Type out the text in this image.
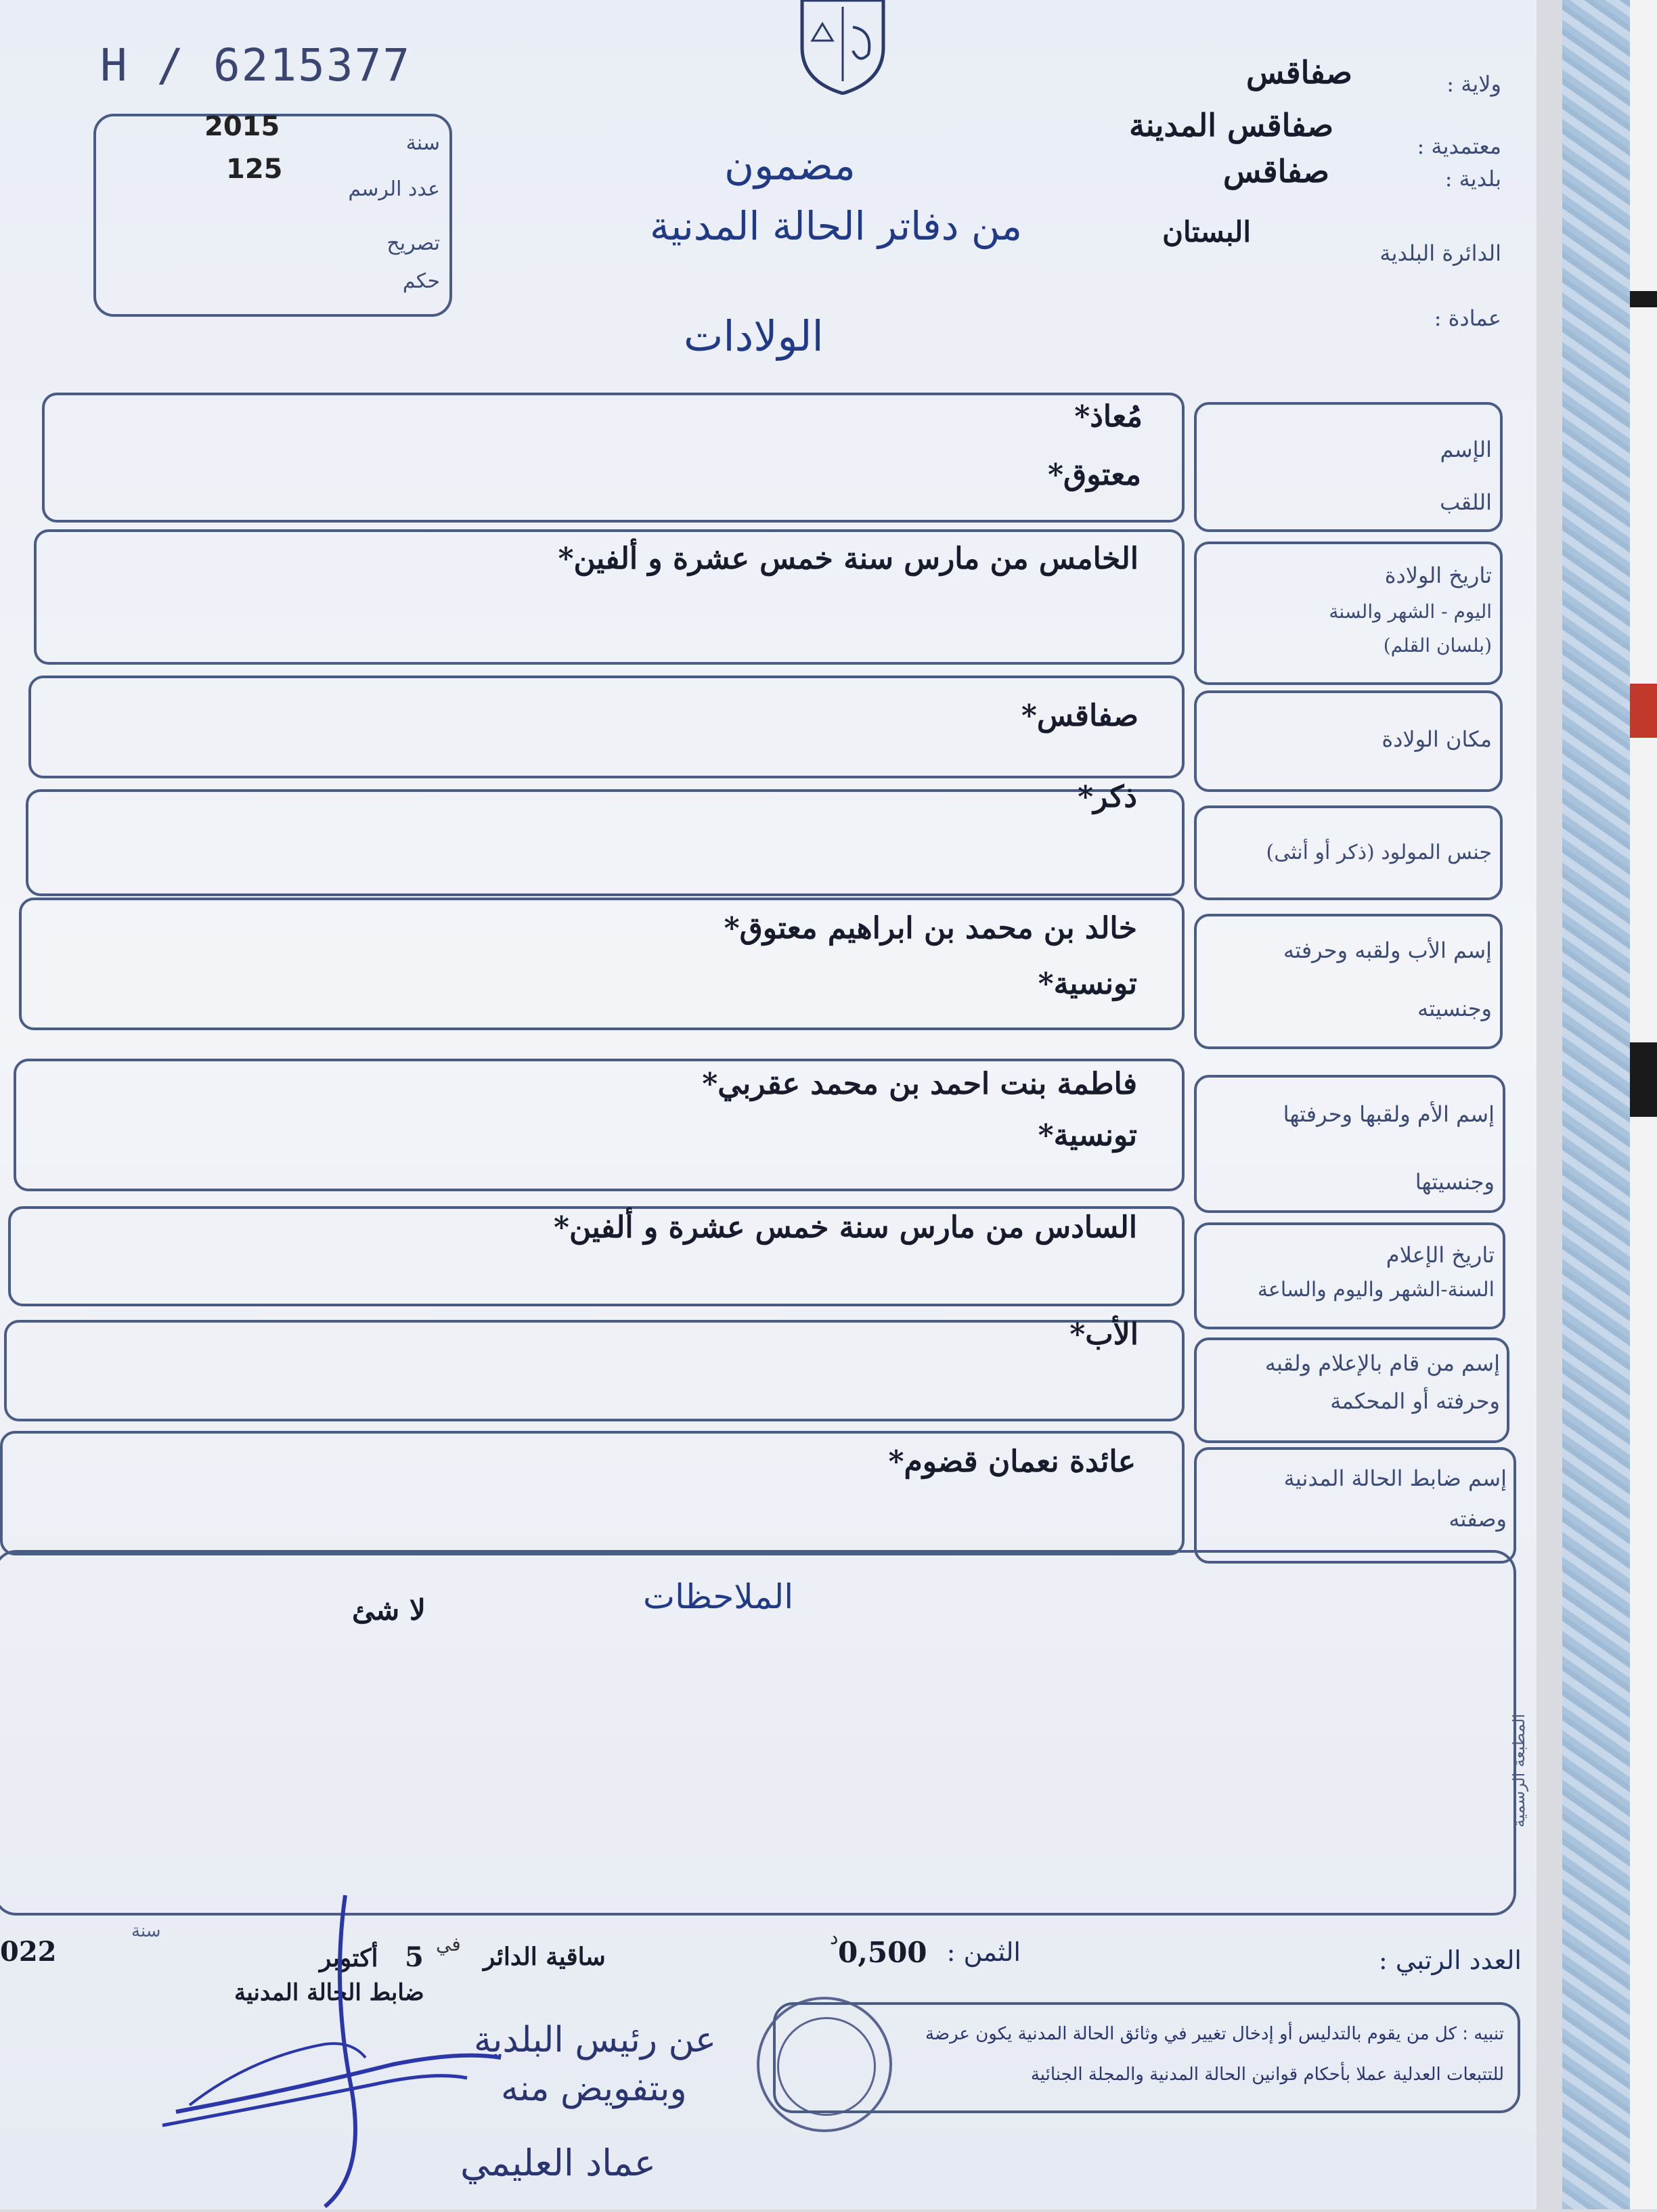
H / 6215377
2015
125
سنة
عدد الرسم
تصريح
حكم
ولاية :
صفاقس
معتمدية :
صفاقس المدينة
بلدية :
صفاقس
الدائرة البلدية
البستان
عمادة :
مضمون
من دفاتر الحالة المدنية
الولادات
الإسم
اللقب
مُعاذ*
معتوق*
تاريخ الولادة
اليوم - الشهر والسنة
(بلسان القلم)
الخامس من مارس سنة خمس عشرة و ألفين*
مكان الولادة
صفاقس*
جنس المولود (ذكر أو أنثى)
ذكر*
إسم الأب ولقبه وحرفته
وجنسيته
خالد بن محمد بن ابراهيم معتوق*
تونسية*
إسم الأم ولقبها وحرفتها
وجنسيتها
فاطمة بنت احمد بن محمد عقربي*
تونسية*
تاريخ الإعلام
السنة-الشهر واليوم والساعة
السادس من مارس سنة خمس عشرة و ألفين*
إسم من قام بالإعلام ولقبه
وحرفته أو المحكمة
الأب*
إسم ضابط الحالة المدنية
وصفته
عائدة نعمان قضوم*
الملاحظات
لا شئ
المطبعة الرسمية
العدد الرتبي :
الثمن :
0,500
د
ساقية الدائر
5
أكتوبر	في
022
سنة
ضابط الحالة المدنية
عن رئيس البلدية
وبتفويض منه
عماد العليمي
تنبيه : كل من يقوم بالتدليس أو إدخال تغيير في وثائق الحالة المدنية يكون عرضة
للتتبعات العدلية عملا بأحكام قوانين الحالة المدنية والمجلة الجنائية
